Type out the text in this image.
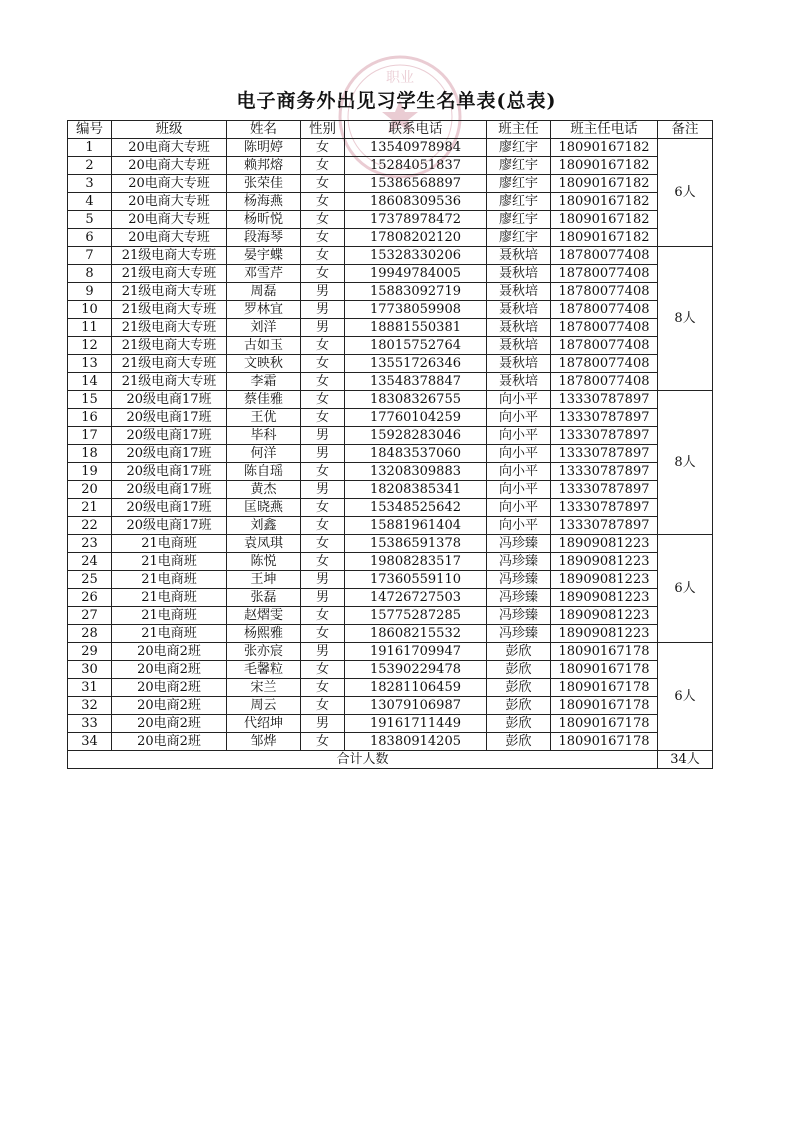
职业
电子商务外出见习学生名单表(总表)
编号	班级	姓名	性别	联系电话	班主任	班主任电话	备注
1	20电商大专班	陈明婷	女	13540978984	廖红宇	18090167182	6人
2	20电商大专班	赖邦熔	女	15284051837	廖红宇	18090167182	
3	20电商大专班	张荣佳	女	15386568897	廖红宇	18090167182	
4	20电商大专班	杨海燕	女	18608309536	廖红宇	18090167182	
5	20电商大专班	杨昕悦	女	17378978472	廖红宇	18090167182	
6	20电商大专班	段海琴	女	17808202120	廖红宇	18090167182	
7	21级电商大专班	晏宇蝶	女	15328330206	聂秋培	18780077408	8人
8	21级电商大专班	邓雪芹	女	19949784005	聂秋培	18780077408	
9	21级电商大专班	周磊	男	15883092719	聂秋培	18780077408	
10	21级电商大专班	罗林宜	男	17738059908	聂秋培	18780077408	
11	21级电商大专班	刘洋	男	18881550381	聂秋培	18780077408	
12	21级电商大专班	古如玉	女	18015752764	聂秋培	18780077408	
13	21级电商大专班	文映秋	女	13551726346	聂秋培	18780077408	
14	21级电商大专班	李霜	女	13548378847	聂秋培	18780077408	
15	20级电商17班	蔡佳雅	女	18308326755	向小平	13330787897	8人
16	20级电商17班	王优	女	17760104259	向小平	13330787897	
17	20级电商17班	毕科	男	15928283046	向小平	13330787897	
18	20级电商17班	何洋	男	18483537060	向小平	13330787897	
19	20级电商17班	陈自瑶	女	13208309883	向小平	13330787897	
20	20级电商17班	黄杰	男	18208385341	向小平	13330787897	
21	20级电商17班	匡晓燕	女	15348525642	向小平	13330787897	
22	20级电商17班	刘鑫	女	15881961404	向小平	13330787897	
23	21电商班	袁凤琪	女	15386591378	冯珍臻	18909081223	6人
24	21电商班	陈悦	女	19808283517	冯珍臻	18909081223	
25	21电商班	王坤	男	17360559110	冯珍臻	18909081223	
26	21电商班	张磊	男	14726727503	冯珍臻	18909081223	
27	21电商班	赵熠雯	女	15775287285	冯珍臻	18909081223	
28	21电商班	杨熙雅	女	18608215532	冯珍臻	18909081223	
29	20电商2班	张亦宸	男	19161709947	彭欣	18090167178	6人
30	20电商2班	毛馨粒	女	15390229478	彭欣	18090167178	
31	20电商2班	宋兰	女	18281106459	彭欣	18090167178	
32	20电商2班	周云	女	13079106987	彭欣	18090167178	
33	20电商2班	代绍坤	男	19161711449	彭欣	18090167178	
34	20电商2班	邹烨	女	18380914205	彭欣	18090167178	
合计人数							34人
